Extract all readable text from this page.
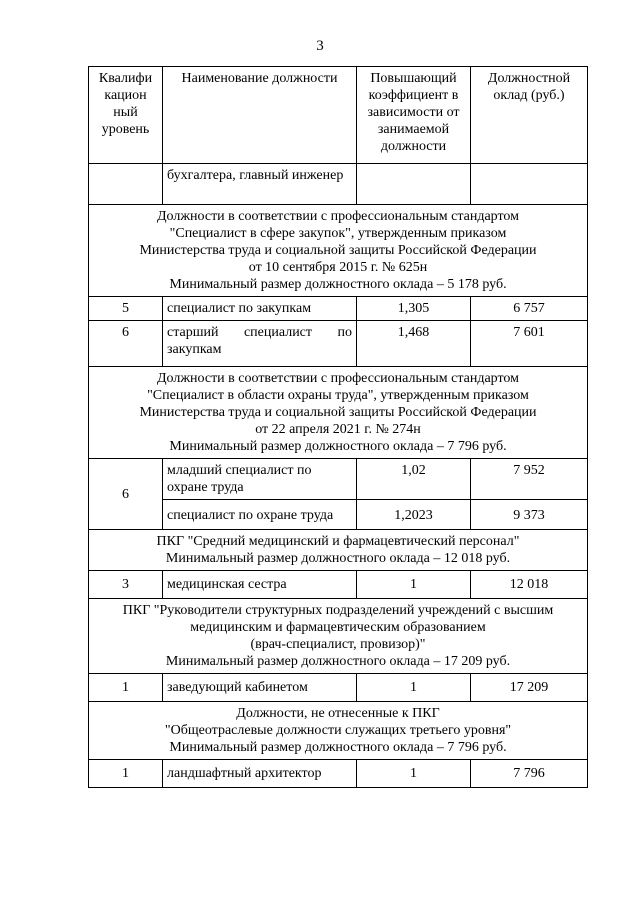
3
Квалифи кацион ный уровень	Наименование должности	Повышающий коэффициент в зависимости от занимаемой должности	Должностной оклад (руб.)
	бухгалтера, главный инженер		

Должности в соответствии с профессиональным стандартом
"Специалист в сфере закупок", утвержденным приказом
Министерства труда и социальной защиты Российской Федерации
от 10 сентября 2015 г. № 625н
Минимальный размер должностного оклада – 5 178 руб.			

5	специалист по закупкам	1,305	6 757
6	старший специалист по закупкам	1,468	7 601

Должности в соответствии с профессиональным стандартом
"Специалист в области охраны труда", утвержденным приказом
Министерства труда и социальной защиты Российской Федерации
от 22 апреля 2021 г. № 274н
Минимальный размер должностного оклада – 7 796 руб.			

6	младший специалист по охране труда	1,02	7 952
	специалист по охране труда	1,2023	9 373

ПКГ "Средний медицинский и фармацевтический персонал"
Минимальный размер должностного оклада – 12 018 руб.			

3	медицинская сестра	1	12 018

ПКГ "Руководители структурных подразделений учреждений с высшим
медицинским и фармацевтическим образованием
(врач-специалист, провизор)"
Минимальный размер должностного оклада – 17 209 руб.			

1	заведующий кабинетом	1	17 209

Должности, не отнесенные к ПКГ
"Общеотраслевые должности служащих третьего уровня"
Минимальный размер должностного оклада – 7 796 руб.			

1	ландшафтный архитектор	1	7 796
